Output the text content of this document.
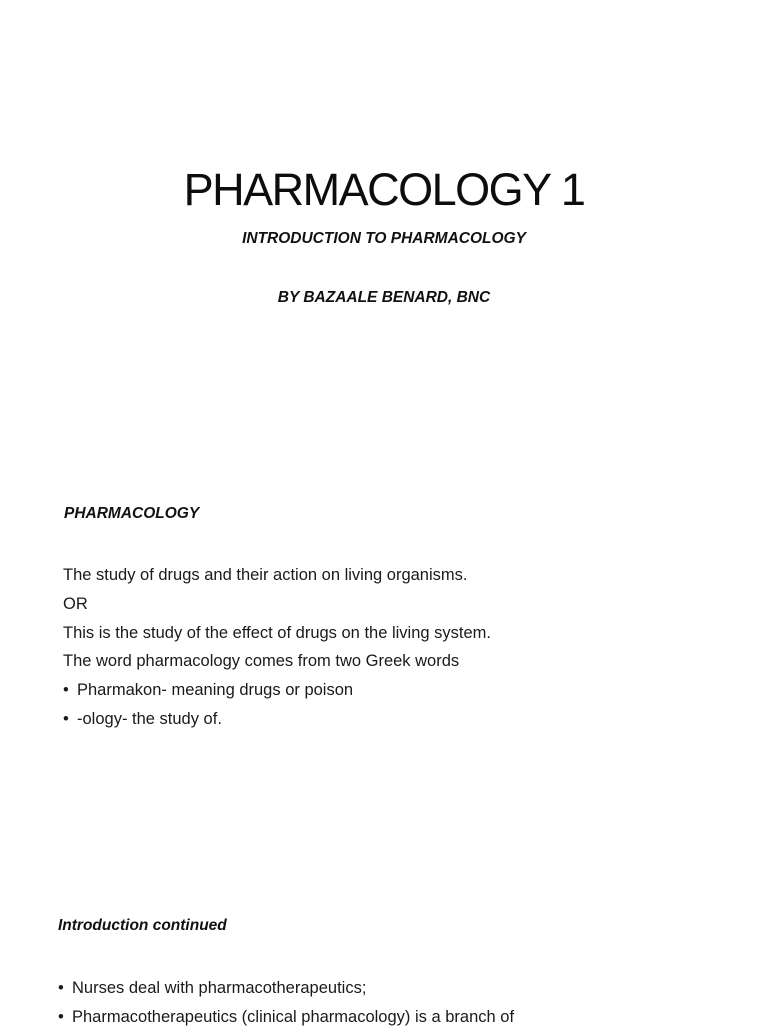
PHARMACOLOGY 1
INTRODUCTION TO PHARMACOLOGY
BY BAZAALE BENARD, BNC
PHARMACOLOGY
The study of drugs and their action on living organisms.
OR
This is the study of the effect of drugs on the living system.
The word pharmacology comes from two Greek words
• Pharmakon- meaning drugs or poison
• -ology- the study of.
Introduction continued
• Nurses deal with pharmacotherapeutics;
• Pharmacotherapeutics (clinical pharmacology) is a branch of
